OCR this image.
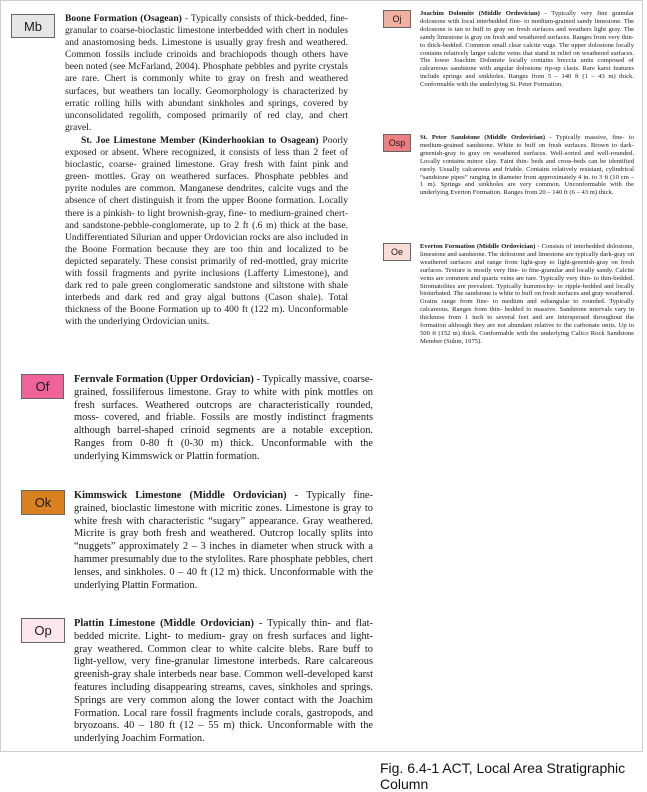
Mb Boone Formation (Osagean) - Typically consists of thick-bedded, fine-granular to coarse-bioclastic limestone interbedded with chert in nodules and anastomosing beds. Limestone is usually gray fresh and weathered. Common fossils include crinoids and brachiopods though others have been noted (see McFarland, 2004). Phosphate pebbles and pyrite crystals are rare. Chert is commonly white to gray on fresh and weathered surfaces, but weathers tan locally. Geomorphology is characterized by erratic rolling hills with abundant sinkholes and springs, covered by unconsolidated regolith, composed primarily of red clay, and chert gravel.

St. Joe Limestone Member (Kinderhookian to Osagean) Poorly exposed or absent. Where recognized, it consists of less than 2 feet of bioclastic, coarse- grained limestone. Gray fresh with faint pink and green- mottles. Gray on weathered surfaces. Phosphate pebbles and pyrite nodules are common. Manganese dendrites, calcite vugs and the absence of chert distinguish it from the upper Boone formation. Locally there is a pinkish- to light brownish-gray, fine- to medium-grained chert- and sandstone-pebble-conglomerate, up to 2 ft (.6 m) thick at the base. Undifferentiated Silurian and upper Ordovician rocks are also included in the Boone Formation because they are too thin and localized to be depicted separately. These consist primarily of red-mottled, gray micrite with fossil fragments and pyrite inclusions (Lafferty Limestone), and dark red to pale green conglomeratic sandstone and siltstone with shale interbeds and dark red and gray algal buttons (Cason shale). Total thickness of the Boone Formation up to 400 ft (122 m). Unconformable with the underlying Ordovician units.

Of Fernvale Formation (Upper Ordovician) - Typically massive, coarse-grained, fossiliferous limestone. Gray to white with pink mottles on fresh surfaces. Weathered outcrops are characteristically rounded, moss- covered, and friable. Fossils are mostly indistinct fragments although barrel-shaped crinoid segments are a notable exception. Ranges from 0-80 ft (0-30 m) thick. Unconformable with the underlying Kimmswick or Plattin formation.

Ok Kimmswick Limestone (Middle Ordovician) - Typically fine-grained, bioclastic limestone with micritic zones. Limestone is gray to white fresh with characteristic “sugary” appearance. Gray weathered. Micrite is gray both fresh and weathered. Outcrop locally splits into “nuggets” approximately 2 – 3 inches in diameter when struck with a hammer presumably due to the stylolites. Rare phosphate pebbles, chert lenses, and sinkholes. 0 – 40 ft (12 m) thick. Unconformable with the underlying Plattin Formation.

Op Plattin Limestone (Middle Ordovician) - Typically thin- and flat-bedded micrite. Light- to medium- gray on fresh surfaces and light-gray weathered. Common clear to white calcite blebs. Rare buff to light-yellow, very fine-granular limestone interbeds. Rare calcareous greenish-gray shale interbeds near base. Common well-developed karst features including disappearing streams, caves, sinkholes and springs. Springs are very common along the lower contact with the Joachim Formation. Local rare fossil fragments include corals, gastropods, and bryozoans. 40 – 180 ft (12 – 55 m) thick. Unconformable with the underlying Joachim Formation.

Oj

Joachim Dolomite (Middle Ordovician) - Typically very fine granular dolostone with local interbedded fine- to medium-grained sandy limestone. The dolostone is tan to buff to gray on fresh surfaces and weathers light gray. The sandy limestone is gray on fresh and weathered surfaces. Ranges from very thin- to thick-bedded. Common small clear calcite vugs. The upper dolostone locally contains relatively larger calcite veins that stand in relief on weathered surfaces. The lower Joachim Dolomite locally contains breccia units composed of calcareous sandstone with angular dolostone rip-up clasts. Rare karst features include springs and sinkholes. Ranges from 5 – 140 ft (1 – 43 m) thick. Conformable with the underlying St. Peter Formation.

Osp

St. Peter Sandstone (Middle Ordovician) - Typically massive, fine- to medium-grained sandstone. White to buff on fresh surfaces. Brown to dark-greenish-gray to gray on weathered surfaces. Well-sorted and well-rounded. Locally contains minor clay. Faint thin- beds and cross-beds can be identified rarely. Usually calcareous and friable. Contains relatively resistant, cylindrical “sandstone pipes” ranging in diameter from approximately 4 in. to 3 ft (10 cm – 1 m). Springs and sinkholes are very common. Unconformable with the underlying Everton Formation. Ranges from 20 – 140 ft (6 – 43 m) thick.

Oe

Everton Formation (Middle Ordovician) - Consists of interbedded dolostone, limestone and sandstone. The dolostone and limestone are typically dark-gray on weathered surfaces and range from light-gray to light-greenish-gray on fresh surfaces. Texture is mostly very fine- to fine-granular and locally sandy. Calcite veins are common and quartz veins are rare. Typically very thin- to thin-bedded. Stromatolites are prevalent. Typically hummocky- to ripple-bedded and locally bioturbated. The sandstone is white to buff on fresh surfaces and gray weathered. Grains range from fine- to medium and subangular to rounded. Typically calcareous. Ranges from thin- bedded to massive. Sandstone intervals vary in thickness from 1 inch to several feet and are interspersed throughout the formation although they are not abundant relative to the carbonate units. Up to 500 ft (152 m) thick. Conformable with the underlying Calico Rock Sandstone Member (Suhm, 1975).

Fig. 6.4-1 ACT, Local Area Stratigraphic Column
